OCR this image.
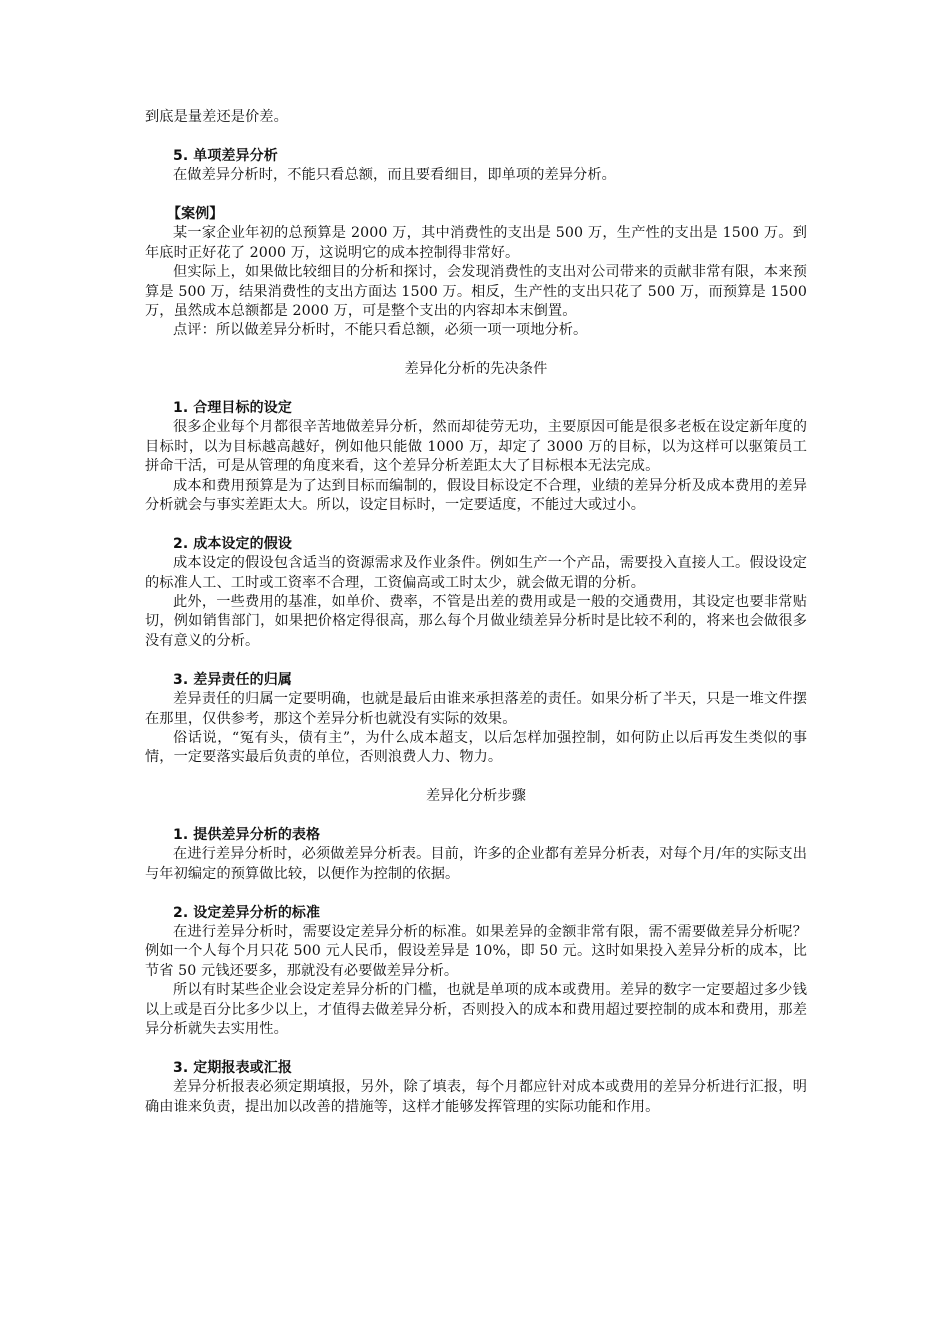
到底是量差还是价差。

5. 单项差异分析

在做差异分析时，不能只看总额，而且要看细目，即单项的差异分析。

【案例】

某一家企业年初的总预算是 2000 万，其中消费性的支出是 500 万，生产性的支出是 1500 万。到年底时正好花了 2000 万，这说明它的成本控制得非常好。

但实际上，如果做比较细目的分析和探讨，会发现消费性的支出对公司带来的贡献非常有限，本来预算是 500 万，结果消费性的支出方面达 1500 万。相反，生产性的支出只花了 500 万，而预算是 1500 万，虽然成本总额都是 2000 万，可是整个支出的内容却本末倒置。

点评：所以做差异分析时，不能只看总额，必须一项一项地分析。

差异化分析的先决条件

1. 合理目标的设定

很多企业每个月都很辛苦地做差异分析，然而却徒劳无功，主要原因可能是很多老板在设定新年度的目标时，以为目标越高越好，例如他只能做 1000 万，却定了 3000 万的目标，以为这样可以驱策员工拼命干活，可是从管理的角度来看，这个差异分析差距太大了目标根本无法完成。

成本和费用预算是为了达到目标而编制的，假设目标设定不合理，业绩的差异分析及成本费用的差异分析就会与事实差距太大。所以，设定目标时，一定要适度，不能过大或过小。

2. 成本设定的假设

成本设定的假设包含适当的资源需求及作业条件。例如生产一个产品，需要投入直接人工。假设设定的标准人工、工时或工资率不合理，工资偏高或工时太少，就会做无谓的分析。

此外，一些费用的基准，如单价、费率，不管是出差的费用或是一般的交通费用，其设定也要非常贴切，例如销售部门，如果把价格定得很高，那么每个月做业绩差异分析时是比较不利的，将来也会做很多没有意义的分析。

3. 差异责任的归属

差异责任的归属一定要明确，也就是最后由谁来承担落差的责任。如果分析了半天，只是一堆文件摆在那里，仅供参考，那这个差异分析也就没有实际的效果。

俗话说，“冤有头，债有主”，为什么成本超支，以后怎样加强控制，如何防止以后再发生类似的事情，一定要落实最后负责的单位，否则浪费人力、物力。

差异化分析步骤

1. 提供差异分析的表格

在进行差异分析时，必须做差异分析表。目前，许多的企业都有差异分析表，对每个月/年的实际支出与年初编定的预算做比较，以便作为控制的依据。

2. 设定差异分析的标准

在进行差异分析时，需要设定差异分析的标准。如果差异的金额非常有限，需不需要做差异分析呢？例如一个人每个月只花 500 元人民币，假设差异是 10%，即 50 元。这时如果投入差异分析的成本，比节省 50 元钱还要多，那就没有必要做差异分析。

所以有时某些企业会设定差异分析的门槛，也就是单项的成本或费用。差异的数字一定要超过多少钱以上或是百分比多少以上，才值得去做差异分析，否则投入的成本和费用超过要控制的成本和费用，那差异分析就失去实用性。

3. 定期报表或汇报

差异分析报表必须定期填报，另外，除了填表，每个月都应针对成本或费用的差异分析进行汇报，明确由谁来负责，提出加以改善的措施等，这样才能够发挥管理的实际功能和作用。
